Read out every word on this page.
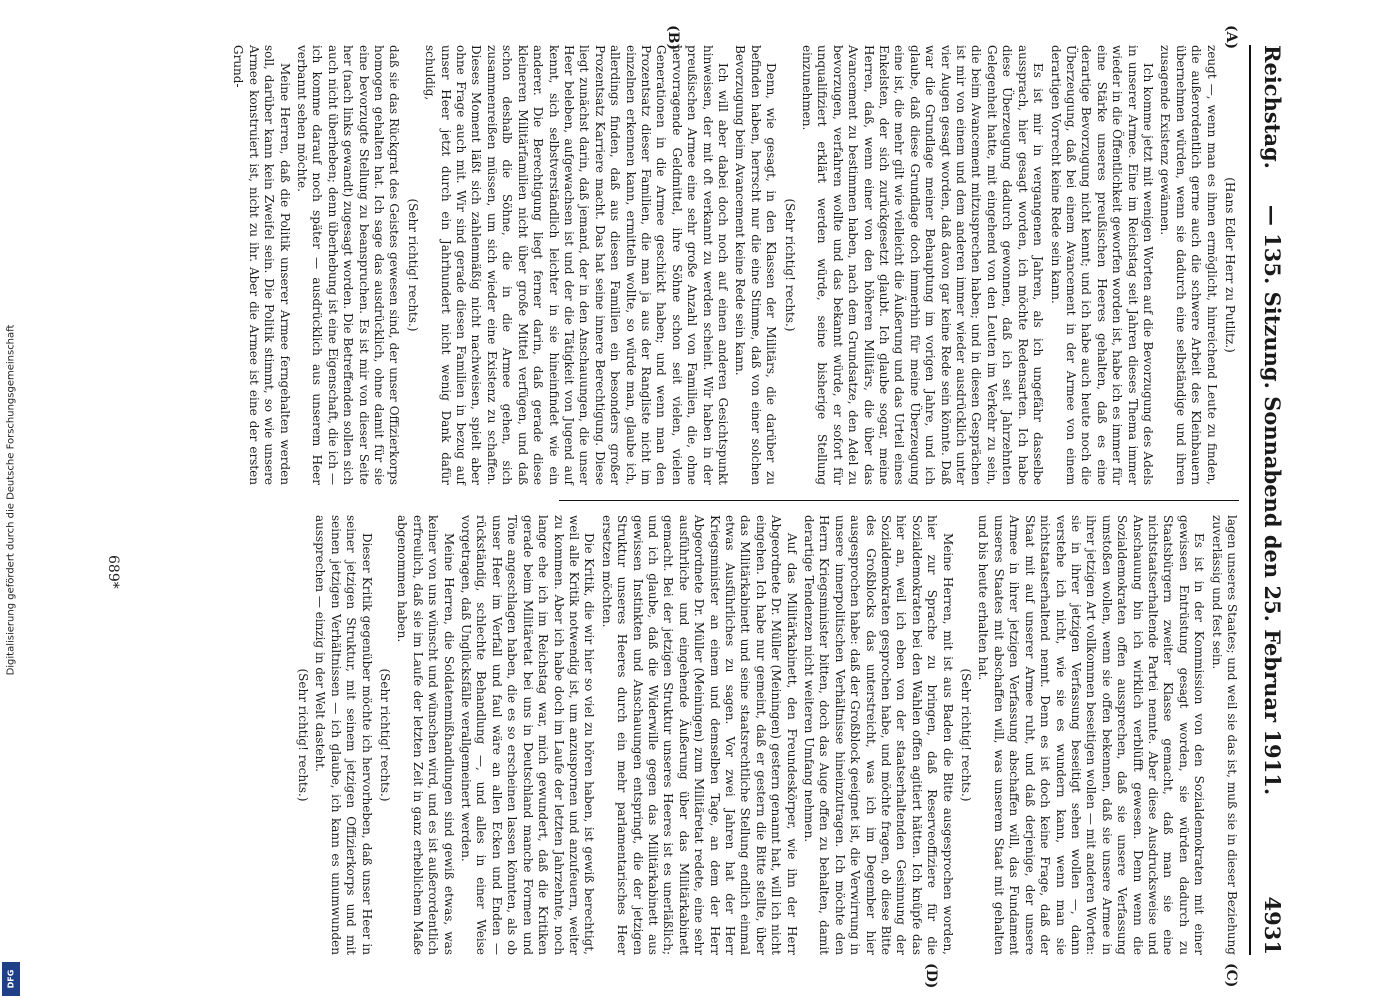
Digitalisierung gefördert durch die Deutsche Forschungsgemeinschaft
DFG
Reichstag.
— 135. Sitzung. Sonnabend den 25. Februar 1911.
4931
(A)
(B)
(C)
(D)

(Hans Edler Herr zu Putlitz.)

zeugt —, wenn man es ihnen ermöglicht, hinreichend Leute zu finden, die außerordentlich gerne auch die schwere Arbeit des Kleinbauern übernehmen würden, wenn sie dadurch eine selbständige und ihren zusagende Existenz gewännen.

Ich komme jetzt mit wenigen Worten auf die Bevorzugung des Adels in unserer Armee. Eine im Reichstag seit Jahren dieses Thema immer wieder in die Öffentlichkeit geworfen worden ist, habe ich es immer für eine Stärke unseres preußischen Heeres gehalten, daß es eine derartige Bevorzugung nicht kennt; und ich habe auch heute noch die Überzeugung, daß bei einem Avancement in der Armee von einem derartigen Vorrecht keine Rede sein kann.

Es ist mir in vergangenen Jahren, als ich ungefähr dasselbe aussprach, hier gesagt worden, ich möchte Redensarten. Ich habe diese Überzeugung dadurch gewonnen, daß ich seit Jahrzehnten Gelegenheit hatte, mit eingehend von den Leuten im Verkehr zu sein, die beim Avancement mitzusprechen haben; und in diesen Gesprächen ist mir von einem und dem anderen immer wieder ausdrücklich unter vier Augen gesagt worden, daß davon gar keine Rede sein könnte. Daß war die Grundlage meiner Behauptung im vorigen Jahre, und ich glaube, daß diese Grundlage doch immerhin für meine Überzeugung eine ist, die mehr gilt wie vielleicht die Äußerung und das Urteil eines Enkelsten, der sich zurückgesetzt glaubt. Ich glaube sogar, meine Herren, daß, wenn einer von den höheren Militärs, die über das Avancement zu bestimmen haben, nach dem Grundsatze, den Adel zu bevorzugen, verfahren wollte und das bekannt würde, er sofort für unqualifiziert erklärt werden würde, seine bisherige Stellung einzunehmen.

(Sehr richtig! rechts.)

Denn, wie gesagt, in den Klassen der Militärs, die darüber zu befinden haben, herrscht nur die eine Stimme, daß von einer solchen Bevorzugung beim Avancement keine Rede sein kann.

Ich will aber dabei doch noch auf einen anderen Gesichtspunkt hinweisen, der mit oft verkannt zu werden scheint. Wir haben in der preußischen Armee eine sehr große Anzahl von Familien, die, ohne hervorragende Geldmittel, ihre Söhne schon seit vielen, vielen Generationen in die Armee geschickt haben; und wenn man den Prozentsatz dieser Familien, die man ja aus der Rangliste nicht im einzelnen erkennen kann, ermitteln wollte, so würde man, glaube ich, allerdings finden, daß aus diesen Familien ein besonders großer Prozentsatz Karriere macht. Das hat seine innere Berechtigung. Diese liegt zunächst darin, daß jemand, der in den Anschauungen, die unser Heer beleben, aufgewachsen ist und der die Tätigkeit von Jugend auf kennt, sich selbstverständlich leichter in sie hineinfindet wie ein anderer. Die Berechtigung liegt ferner darin, daß gerade diese kleineren Militärfamilien nicht über große Mittel verfügen, und daß schon deshalb die Söhne, die in die Armee gehen, sich zusammenreißen müssen, um sich wieder eine Existenz zu schaffen. Dieses Moment läßt sich zahlenmäßig nicht nachweisen, spielt aber ohne Frage auch mit. Wir sind gerade diesen Familien in bezug auf unser Heer jetzt durch ein Jahrhundert nicht wenig Dank dafür schuldig,

(Sehr richtig! rechts.)

daß sie das Rückgrat des Geistes gewesen sind, der unser Offizierkorps homogen gehalten hat. Ich sage das ausdrücklich, ohne damit für sie eine bevorzugte Stellung zu beanspruchen. Es ist mir von dieser Seite her (nach links gewandt) zugesagt worden. Die Betreffenden sollen sich auch nicht überheben; denn überhebung ist eine Eigenschaft, die ich — ich komme darauf noch später — ausdrücklich aus unserem Heer verbannt sehen möchte.

Meine Herren, daß die Politik unserer Armee ferngehalten werden soll, darüber kann kein Zweifel sein. Die Politik stimmt, so wie unsere Armee konstruiert ist, nicht zu ihr. Aber die Armee ist eine der ersten Grund-

lagen unseres Staates; und weil sie das ist, muß sie in dieser Beziehung zuverlässig und fest sein.

Es ist in der Kommission von den Sozialdemokraten mit einer gewissen Entrüstung gesagt worden, sie würden dadurch zu Staatsbürgern zweiter Klasse gemacht, daß man sie eine nichtstaatserhaltende Partei nennte. Aber diese Ausdrucksweise und Anschauung bin ich wirklich verblüfft gewesen. Denn wenn die Sozialdemokraten offen aussprechen, daß sie unsere Verfassung umstoßen wollen, wenn sie offen bekennen, daß sie unsere Armee in ihrer jetzigen Art vollkommen beseitigen wollen — mit anderen Worten: sie in ihrer jetzigen Verfassung beseitigt sehen wollen —, dann verstehe ich nicht, wie sie es wundern kann, wenn man sie nichtstaatserhaltend nennt. Denn es ist doch keine Frage, daß der Staat mit auf unserer Armee ruht, und daß derjenige, der unsere Armee in ihrer jetzigen Verfassung abschaffen will, das Fundament unseres Staates mit abschaffen will, was unserem Staat mit gehalten und bis heute erhalten hat.

(Sehr richtig! rechts.)

Meine Herren, mit ist aus Baden die Bitte ausgesprochen worden, hier zur Sprache zu bringen, daß Reserveoffiziere für die Sozialdemokraten bei den Wahlen offen agitiert hätten. Ich knüpfe das hier an, weil ich eben von der staatserhaltenden Gesinnung der Sozialdemokraten gesprochen habe, und möchte fragen, ob diese Bitte des Großblocks das unterstreicht, was ich im Degember hier ausgesprochen habe: daß der Großblock geeignet ist, die Verwirrung in unsere innerpolitischen Verhältnisse hineinzutragen. Ich möchte den Herrn Kriegsminister bitten, doch das Auge offen zu behalten, damit derartige Tendenzen nicht weiteren Umfang nehmen.

Auf das Militärkabinett, den Freundeskörper, wie ihn der Herr Abgeordnete Dr. Müller (Meiningen) gestern genannt hat, will ich nicht eingehen. Ich habe nur gemeint, daß er gestern die Bitte stellte, über das Militärkabinett und seine staatsrechtliche Stellung endlich einmal etwas Ausführliches zu sagen. Vor zwei Jahren hat der Herr Kriegsminister an einem und demselben Tage, an dem der Herr Abgeordnete Dr. Müller (Meiningen) zum Militäretat redete, eine sehr ausführliche und eingehende Äußerung über das Militärkabinett gemacht. Bei der jetzigen Struktur unseres Heeres ist es unerläßlich; und ich glaube, daß die Widerwille gegen das Militärkabinett aus gewissen Instinkten und Anschauungen entspringt, die der jetzigen Struktur unseres Heeres durch ein mehr parlamentarisches Heer ersetzen möchten.

Die Kritik, die wir hier so viel zu hören haben, ist gewiß berechtigt, weil alle Kritik notwendig ist, um anzuspornen und anzufeuern, weiter zu kommen. Aber ich habe doch im Laufe der letzten Jahrzehnte, noch lange ehe ich im Reichstag war, mich gewundert, daß die Kritiken gerade beim Militäretat bei uns in Deutschland manche Formen und Töne angeschlagen haben, die es so erscheinen lassen könnten, als ob unser Heer im Verfall und faul wäre an allen Ecken und Enden — rückständig, schlechte Behandlung —, und alles in einer Weise vorgetragen, daß Unglücksfälle verallgemeinert werden.

Meine Herren, die Soldatenmißhandlungen sind gewiß etwas, was keiner von uns wünscht und wünschen wird, und es ist außerordentlich erfreulich, daß sie im Laufe der letzten Zeit in ganz erheblichem Maße abgenommen haben.

(Sehr richtig! rechts.)

Dieser Kritik gegenüber möchte ich hervorheben, daß unser Heer in seiner jetzigen Struktur, mit seinem jetzigen Offizierkorps und mit seinen jetzigen Verhältnissen — ich glaube, ich kann es unumwunden aussprechen — einzig in der Welt dasteht.

(Sehr richtig! rechts.)

689*
